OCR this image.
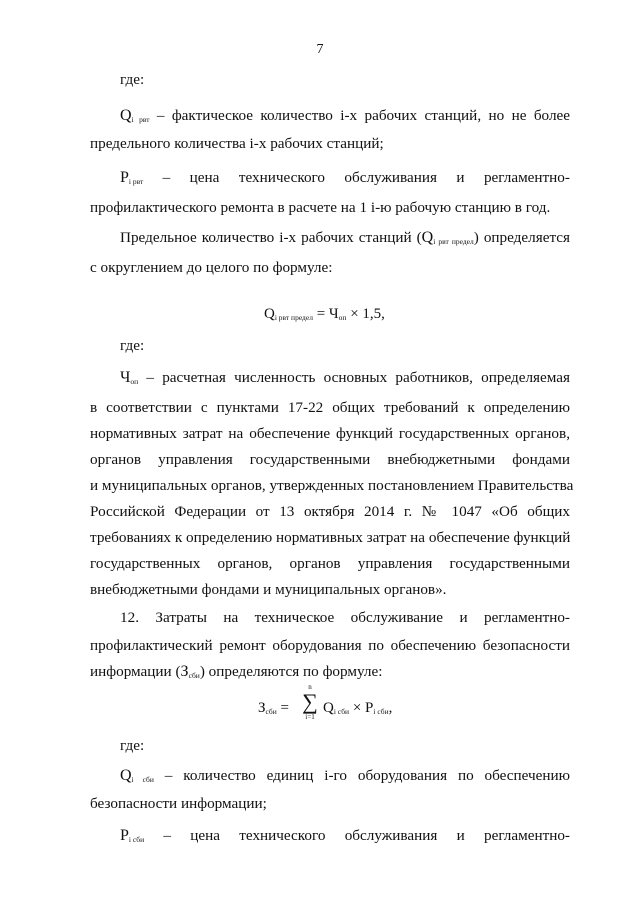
7
где:
$Q_{i рвт}$ – фактическое количество i-х рабочих станций, но не более
предельного количества i-х рабочих станций;
$P_{i рвт}$ – цена технического обслуживания и регламентно-
профилактического ремонта в расчете на 1 i-ю рабочую станцию в год.
Предельное количество i-х рабочих станций $(Q_{i рвт предел})$ определяется
с округлением до целого по формуле:
$Q_{i рвт предел} = Ч_{оп} \times 1,5$,
где:
$Ч_{оп}$ – расчетная численность основных работников, определяемая
в соответствии с пунктами 17-22 общих требований к определению
нормативных затрат на обеспечение функций государственных органов,
органов управления государственными внебюджетными фондами
и муниципальных органов, утвержденных постановлением Правительства
Российской Федерации от 13 октября 2014 г. № 1047 «Об общих
требованиях к определению нормативных затрат на обеспечение функций
государственных органов, органов управления государственными
внебюджетными фондами и муниципальных органов».
12. Затраты на техническое обслуживание и регламентно-
профилактический ремонт оборудования по обеспечению безопасности
информации $(З_{сби})$ определяются по формуле:
$З_{сби}$ =
n
∑
i=1
$Q_{i сби} \times P_{i сби}$,
где:
$Q_{i сби}$ – количество единиц i-го оборудования по обеспечению
безопасности информации;
$P_{i сби}$ – цена технического обслуживания и регламентно-
